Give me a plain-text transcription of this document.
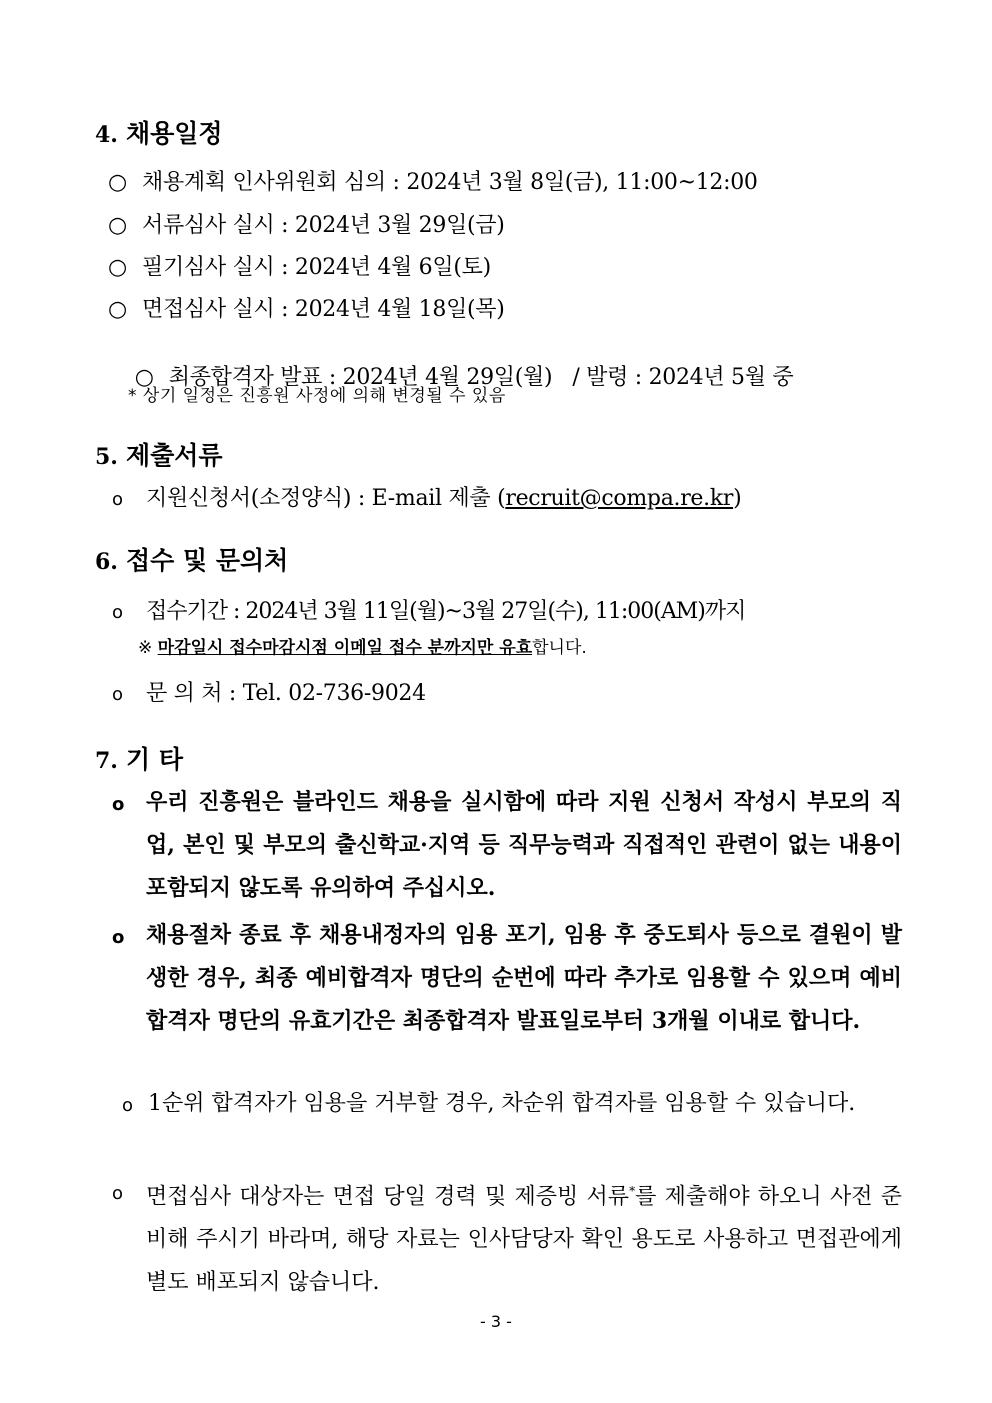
4. 채용일정
○ 채용계획 인사위원회 심의 : 2024년 3월 8일(금), 11:00~12:00
○ 서류심사 실시 : 2024년 3월 29일(금)
○ 필기심사 실시 : 2024년 4월 6일(토)
○ 면접심사 실시 : 2024년 4월 18일(목)

○ 최종합격자 발표 : 2024년 4월 29일(월)   / 발령 : 2024년 5월 중

* 상기 일정은 진흥원 사정에 의해 변경될 수 있음
5. 제출서류
o 지원신청서(소정양식) : E-mail 제출 (recruit@compa.re.kr)
6. 접수 및 문의처
o 접수기간 : 2024년 3월 11일(월)~3월 27일(수), 11:00(AM)까지
※ 마감일시 접수마감시점 이메일 접수 분까지만 유효합니다.
o 문 의 처 : Tel. 02-736-9024
7. 기 타
o 우리 진흥원은 블라인드 채용을 실시함에 따라 지원 신청서 작성시 부모의 직업, 본인 및 부모의 출신학교·지역 등 직무능력과 직접적인 관련이 없는 내용이 포함되지 않도록 유의하여 주십시오.
o 채용절차 종료 후 채용내정자의 임용 포기, 임용 후 중도퇴사 등으로 결원이 발생한 경우, 최종 예비합격자 명단의 순번에 따라 추가로 임용할 수 있으며 예비합격자 명단의 유효기간은 최종합격자 발표일로부터 3개월 이내로 합니다.
o 1순위 합격자가 임용을 거부할 경우, 차순위 합격자를 임용할 수 있습니다.
o 면접심사 대상자는 면접 당일 경력 및 제증빙 서류*를 제출해야 하오니 사전 준비해 주시기 바라며, 해당 자료는 인사담당자 확인 용도로 사용하고 면접관에게 별도 배포되지 않습니다.
- 3 -
